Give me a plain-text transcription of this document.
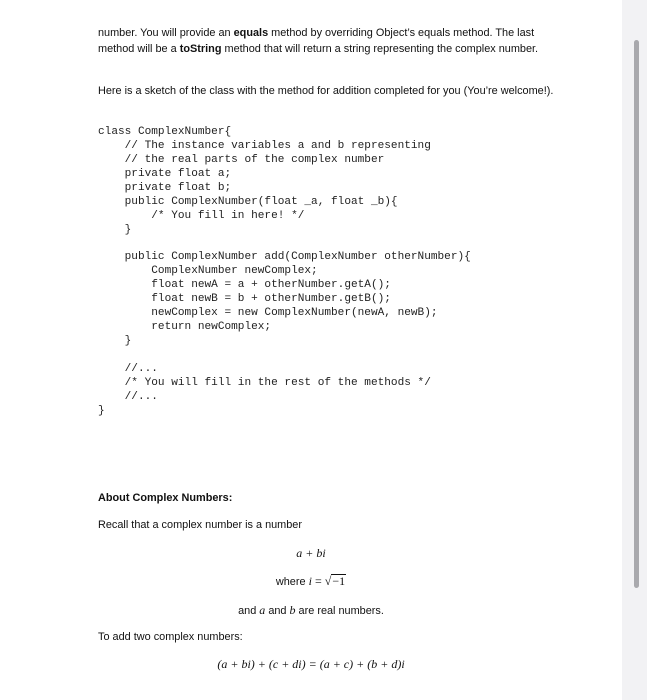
number. You will provide an equals method by overriding Object’s equals method. The last method will be a toString method that will return a string representing the complex number.

Here is a sketch of the class with the method for addition completed for you (You’re welcome!).

class ComplexNumber{

// The instance variables a and b representing

// the real parts of the complex number

private float a;

private float b;

public ComplexNumber(float _a, float _b){

/* You fill in here! */

}

public ComplexNumber add(ComplexNumber otherNumber){

ComplexNumber newComplex;

float newA = a + otherNumber.getA();

float newB = b + otherNumber.getB();

newComplex = new ComplexNumber(newA, newB);

return newComplex;

}

//...

/* You will fill in the rest of the methods */

//...

}

About Complex Numbers:
Recall that a complex number is a number
a + bi
where i = √−1
and a and b are real numbers.
To add two complex numbers:
(a + bi) + (c + di) = (a + c) + (b + d)i
